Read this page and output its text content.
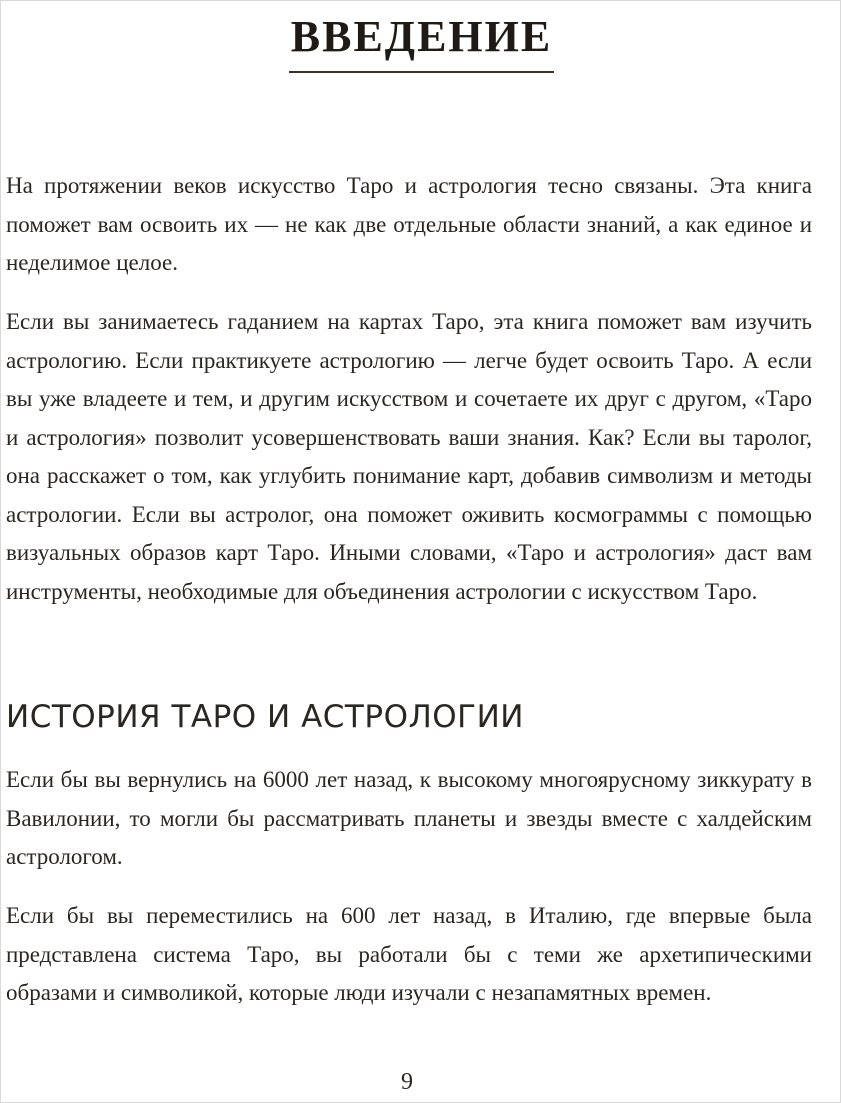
ВВЕДЕНИЕ

На протяжении веков искусство Таро и астрология тесно связаны. Эта книга поможет вам освоить их — не как две отдельные области знаний, а как единое и неделимое целое.

Если вы занимаетесь гаданием на картах Таро, эта книга поможет вам изучить астрологию. Если практикуете астрологию — легче будет освоить Таро. А если вы уже владеете и тем, и другим искусством и сочетаете их друг с другом, «Таро и астрология» позволит усовершенствовать ваши знания. Как? Если вы таролог, она расскажет о том, как углубить понимание карт, добавив символизм и методы астрологии. Если вы астролог, она поможет оживить космограммы с помощью визуальных образов карт Таро. Иными словами, «Таро и астрология» даст вам инструменты, необходимые для объединения астрологии с искусством Таро.

ИСТОРИЯ ТАРО И АСТРОЛОГИИ

Если бы вы вернулись на 6000 лет назад, к высокому многоярусному зиккурату в Вавилонии, то могли бы рассматривать планеты и звезды вместе с халдейским астрологом.

Если бы вы переместились на 600 лет назад, в Италию, где впервые была представлена система Таро, вы работали бы с теми же архетипическими образами и символикой, которые люди изучали с незапамятных времен.

9
